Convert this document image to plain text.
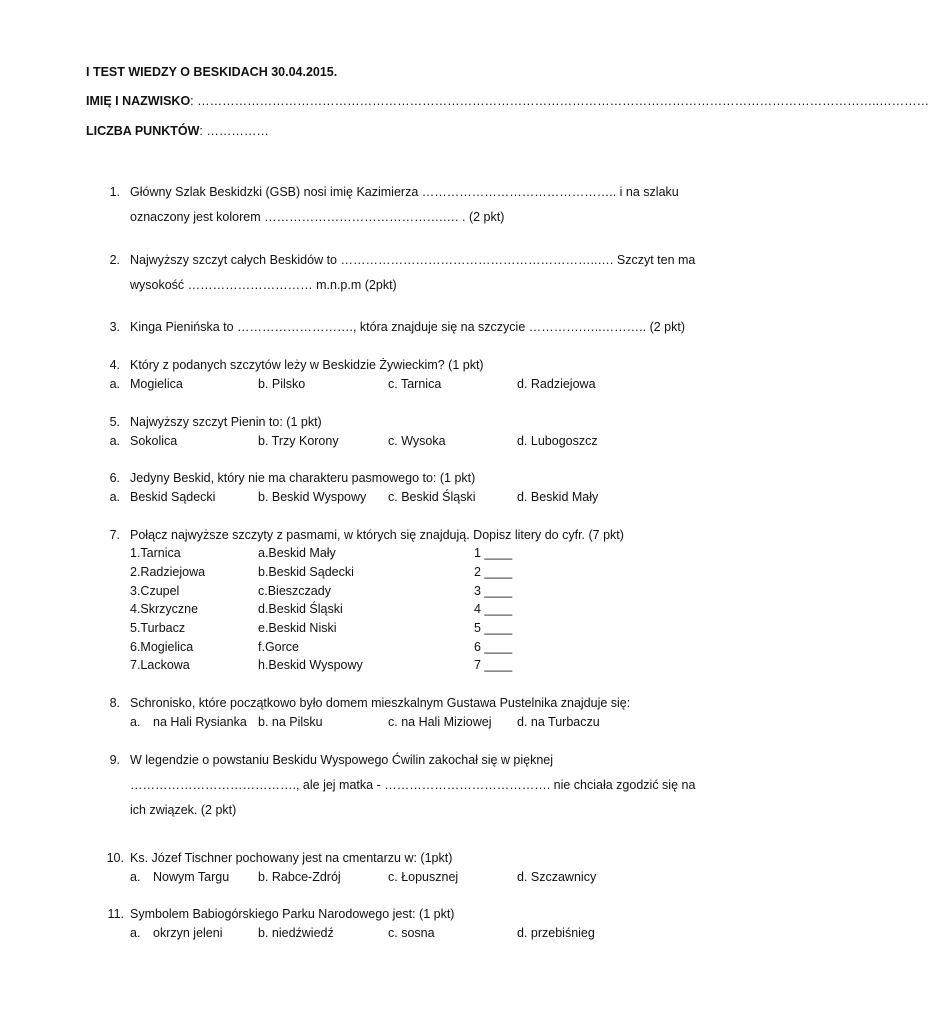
I TEST WIEDZY O BESKIDACH 30.04.2015.
IMIĘ I NAZWISKO: ………………………………………………………………………………………………………………………………………………..…………
LICZBA PUNKTÓW: ……………
1. Główny Szlak Beskidzki (GSB) nosi imię Kazimierza ……………………………………….. i na szlaku
oznaczony jest kolorem …………………………………….…. . (2 pkt)
2. Najwyższy szczyt całych Beskidów to ……………………………………………………..…. Szczyt ten ma
wysokość ………………………… m.n.p.m (2pkt)
3. Kinga Pienińska to ………………………., która znajduje się na szczycie ………….…..……….. (2 pkt)
4. Który z podanych szczytów leży w Beskidzie Żywieckim? (1 pkt)
a. Mogielica	b. Pilsko	c. Tarnica	d. Radziejowa
5. Najwyższy szczyt Pienin to: (1 pkt)
a. Sokolica	b. Trzy Korony	c. Wysoka	d. Lubogoszcz
6. Jedyny Beskid, który nie ma charakteru pasmowego to: (1 pkt)
a. Beskid Sądecki	b. Beskid Wyspowy c. Beskid Śląski	d. Beskid Mały
7. Połącz najwyższe szczyty z pasmami, w których się znajdują. Dopisz litery do cyfr. (7 pkt)
1.Tarnica	a.Beskid Mały	1 ____
2.Radziejowa	b.Beskid Sądecki	2 ____
3.Czupel	c.Bieszczady	3 ____
4.Skrzyczne	d.Beskid Śląski	4 ____
5.Turbacz	e.Beskid Niski	5 ____
6.Mogielica	f.Gorce	6 ____
7.Lackowa	h.Beskid Wyspowy	7 ____
8. Schronisko, które początkowo było domem mieszkalnym Gustawa Pustelnika znajduje się:
a. na Hali Rysianka b. na Pilsku	c. na Hali Miziowej d. na Turbaczu
9. W legendzie o powstaniu Beskidu Wyspowego Ćwilin zakochał się w pięknej
…………………………………., ale jej matka - …………………………………. nie chciała zgodzić się na
ich związek. (2 pkt)
10. Ks. Józef Tischner pochowany jest na cmentarzu w: (1pkt)
a. Nowym Targu b. Rabce-Zdrój	c. Łopusznej	d. Szczawnicy
11. Symbolem Babiogórskiego Parku Narodowego jest: (1 pkt)
a. okrzyn jeleni	b. niedźwiedź	c. sosna	d. przebiśnieg
